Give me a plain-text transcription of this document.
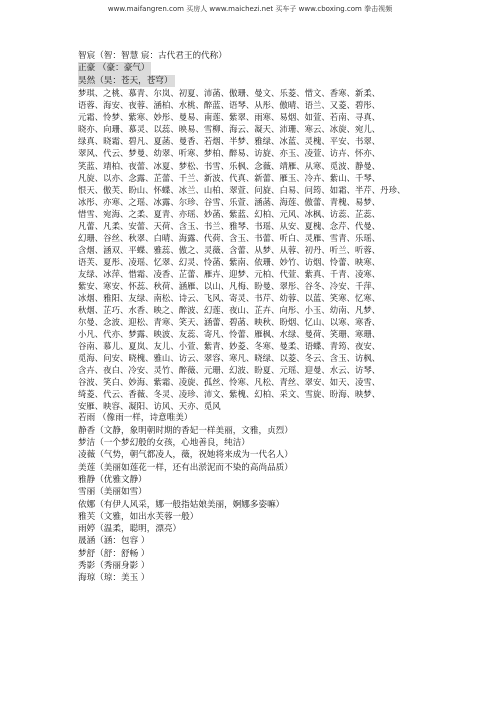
www.maifangren.com 买房人 www.maichezi.net 买车子 www.cboxing.com 拳击视频
智宸（智：智慧 宸：古代君王的代称）
正豪 （豪：豪气）
昊然（昊：苍天，苍穹）
梦琪、之桃、慕青、尔岚、初夏、沛菡、傲珊、曼文、乐菱、惜文、香寒、新柔、
语蓉、海安、夜蓉、涵柏、水桃、醉蓝、语琴、从彤、傲晴、语兰、又菱、碧彤、
元霜、怜梦、紫寒、妙彤、曼易、南莲、紫翠、雨寒、易烟、如萱、若南、寻真、
晓亦、向珊、慕灵、以蕊、映易、雪柳、海云、凝天、沛珊、寒云、冰旋、宛儿、
绿真、晓霜、碧凡、夏菡、曼香、若烟、半梦、雅绿、冰蓝、灵槐、平安、书翠、
翠风、代云、梦曼、幼翠、听寒、梦柏、醉易、访旋、亦玉、凌萱、访卉、怀亦、
笑蓝、靖柏、夜蕾、冰夏、梦松、书雪、乐枫、念薇、靖雁、从寒、觅波、静曼、
凡旋、以亦、念露、芷蕾、千兰、新波、代真、新蕾、雁玉、冷卉、紫山、千琴、
恨天、傲芙、盼山、怀蝶、冰兰、山柏、翠萱、问旋、白易、问筠、如霜、半芹、丹珍、
冰彤、亦寒、之瑶、冰露、尔珍、谷雪、乐萱、涵菡、海莲、傲蕾、青槐、易梦、
惜雪、宛海、之柔、夏青、亦瑶、妙菡、紫蓝、幻柏、元风、冰枫、访蕊、芷蕊、
凡蕾、凡柔、安蕾、天荷、含玉、书兰、雅琴、书瑶、从安、夏槐、念芹、代曼、
幻珊、谷丝、秋翠、白晴、海露、代荷、含玉、书蕾、听白、灵雁、雪青、乐瑶、
含烟、涵双、平蝶、雅蕊、傲之、灵薇、含蕾、从梦、从蓉、初丹、听兰、听蓉、
语芙、夏彤、凌瑶、忆翠、幻灵、怜菡、紫南、依珊、妙竹、访烟、怜蕾、映寒、
友绿、冰萍、惜霜、凌香、芷蕾、雁卉、迎梦、元柏、代萱、紫真、千青、凌寒、
紫安、寒安、怀蕊、秋荷、涵雁、以山、凡梅、盼曼、翠彤、谷冬、冷安、千萍、
冰烟、雅阳、友绿、南松、诗云、飞风、寄灵、书芹、幼蓉、以蓝、笑寒、忆寒、
秋烟、芷巧、水香、映之、醉波、幻莲、夜山、芷卉、向彤、小玉、幼南、凡梦、
尔曼、念波、迎松、青寒、笑天、涵蕾、碧菡、映秋、盼烟、忆山、以寒、寒香、
小凡、代亦、梦露、映波、友蕊、寄凡、怜蕾、雁枫、水绿、曼荷、笑珊、寒珊、
谷南、慕儿、夏岚、友儿、小萱、紫青、妙菱、冬寒、曼柔、语蝶、青筠、夜安、
觅海、问安、晓槐、雅山、访云、翠容、寒凡、晓绿、以菱、冬云、含玉、访枫、
含卉、夜白、冷安、灵竹、醉薇、元珊、幻波、盼夏、元瑶、迎曼、水云、访琴、
谷波、笑白、妙海、紫霜、凌旋、孤丝、怜寒、凡松、青丝、翠安、如天、凌雪、
绮菱、代云、香薇、冬灵、凌珍、沛文、紫槐、幻柏、采文、雪旋、盼海、映梦、
安雁、映容、凝阳、访风、天亦、觅风
若雨 （像雨一样，诗意唯美）
静香（文静，象明朝时期的香妃一样美丽，文雅，贞烈）
梦洁（一个梦幻般的女孩，心地善良，纯洁）
凌薇（气势，朝气都凌人，薇，祝她将来成为一代名人）
美莲（美丽如莲花一样，还有出淤泥而不染的高尚品质）
雅静（优雅文静）
雪丽（美丽如雪）
依娜（有伊人风采，娜一般指姑娘美丽，婀娜多姿嘛）
雅芙（文雅，如出水芙蓉一般）
雨婷（温柔，聪明，漂亮）
晟涵（涵：包容 ）
梦舒（舒：舒畅 ）
秀影（秀丽身影 ）
海琼（琼：美玉 ）
